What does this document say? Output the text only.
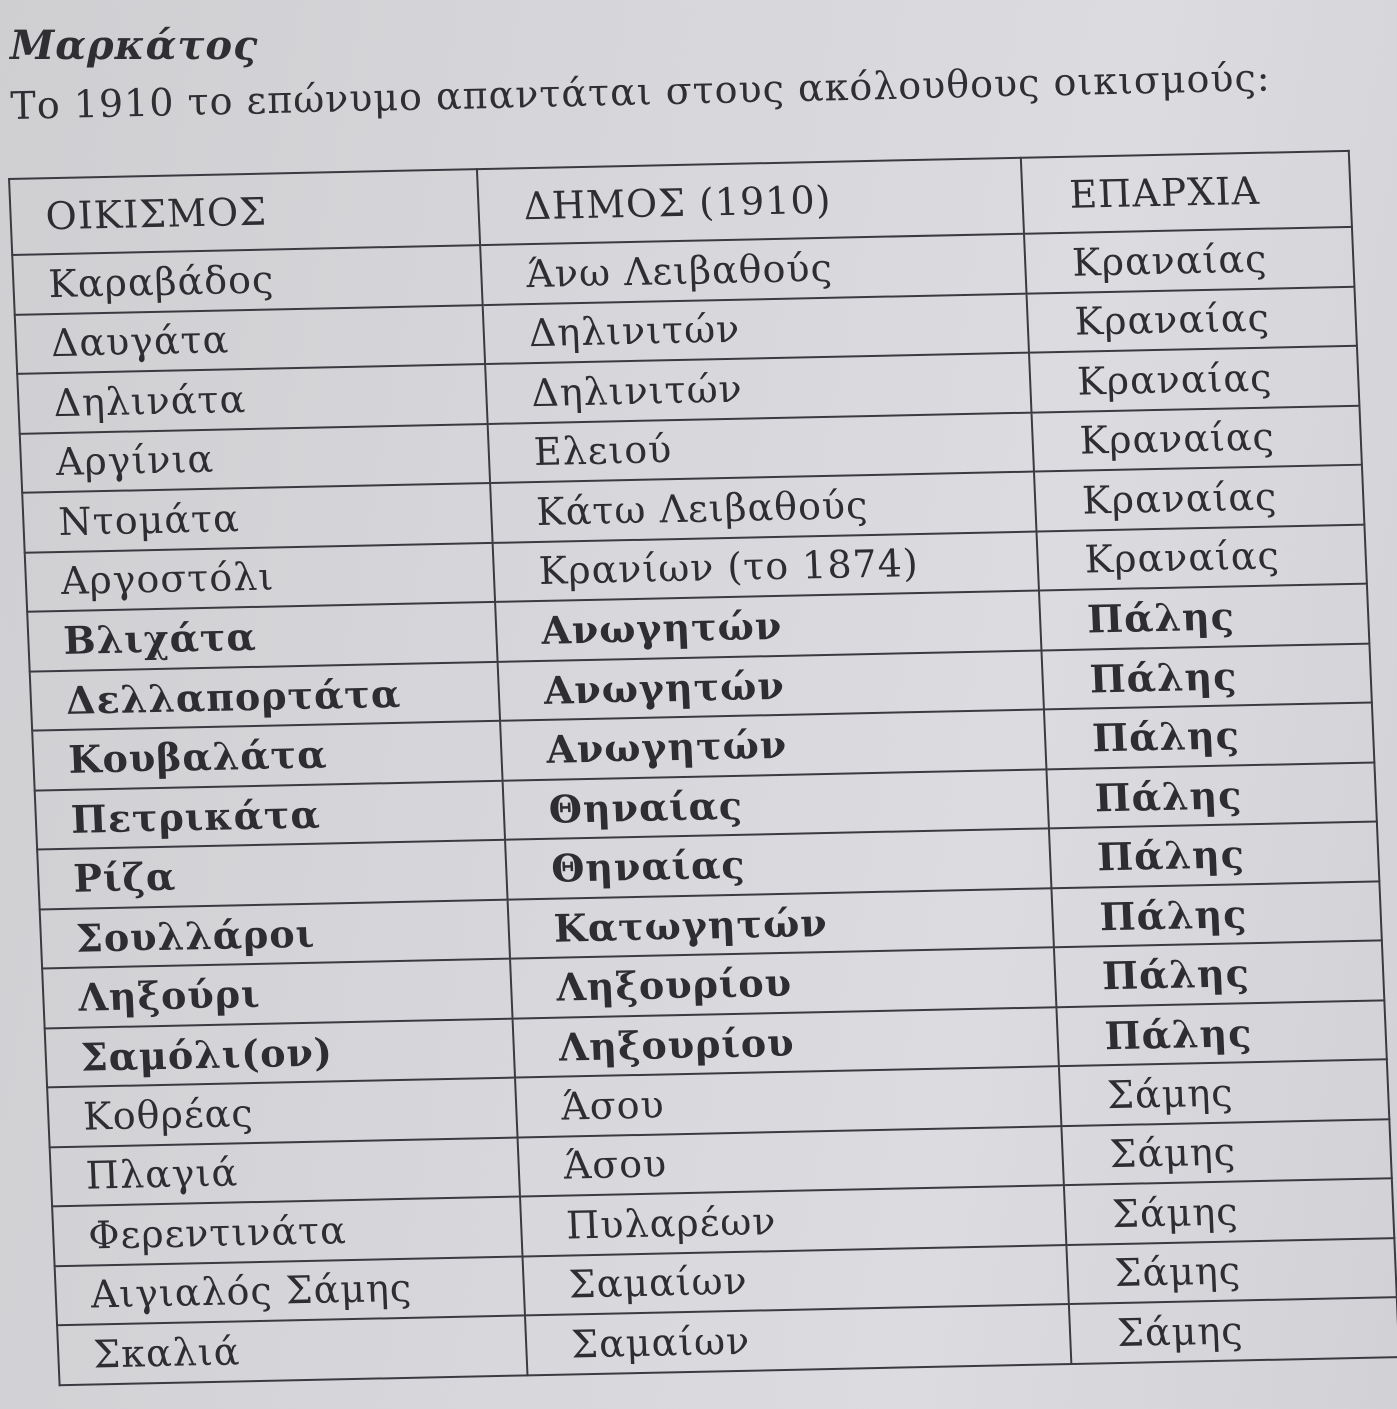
Μαρκάτος

Το 1910 το επώνυμο απαντάται στους ακόλουθους οικισμούς:

ΟΙΚΙΣΜΟΣ	ΔΗΜΟΣ (1910)	ΕΠΑΡΧΙΑ
Καραβάδος	Άνω Λειβαθούς	Κραναίας
Δαυγάτα	Δηλινιτών	Κραναίας
Δηλινάτα	Δηλινιτών	Κραναίας
Αργίνια	Ελειού	Κραναίας
Ντομάτα	Κάτω Λειβαθούς	Κραναίας
Αργοστόλι	Κρανίων (το 1874)	Κραναίας
Βλιχάτα	Ανωγητών	Πάλης
Δελλαπορτάτα	Ανωγητών	Πάλης
Κουβαλάτα	Ανωγητών	Πάλης
Πετρικάτα	Θηναίας	Πάλης
Ρίζα	Θηναίας	Πάλης
Σουλλάροι	Κατωγητών	Πάλης
Ληξούρι	Ληξουρίου	Πάλης
Σαμόλι(ον)	Ληξουρίου	Πάλης
Κοθρέας	Άσου	Σάμης
Πλαγιά	Άσου	Σάμης
Φερεντινάτα	Πυλαρέων	Σάμης
Αιγιαλός Σάμης	Σαμαίων	Σάμης
Σκαλιά	Σαμαίων	Σάμης
